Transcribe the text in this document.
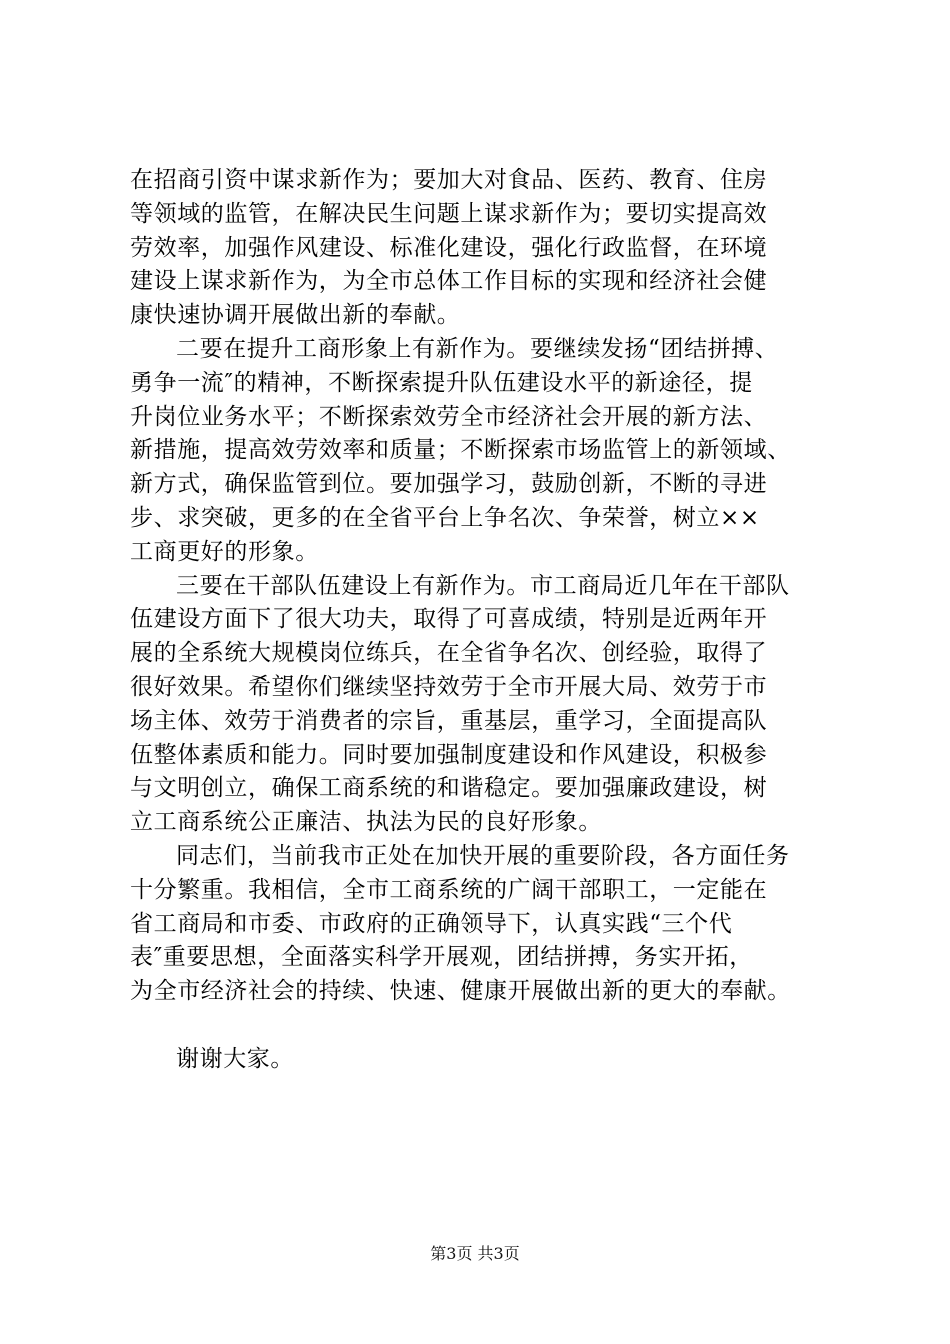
在招商引资中谋求新作为；要加大对食品、医药、教育、住房
等领域的监管，在解决民生问题上谋求新作为；要切实提高效
劳效率，加强作风建设、标准化建设，强化行政监督，在环境
建设上谋求新作为，为全市总体工作目标的实现和经济社会健
康快速协调开展做出新的奉献。
二要在提升工商形象上有新作为。要继续发扬“团结拼搏、
勇争一流″的精神，不断探索提升队伍建设水平的新途径，提
升岗位业务水平；不断探索效劳全市经济社会开展的新方法、
新措施，提高效劳效率和质量；不断探索市场监管上的新领域、
新方式，确保监管到位。要加强学习，鼓励创新，不断的寻进
步、求突破，更多的在全省平台上争名次、争荣誉，树立××
工商更好的形象。
三要在干部队伍建设上有新作为。市工商局近几年在干部队
伍建设方面下了很大功夫，取得了可喜成绩，特别是近两年开
展的全系统大规模岗位练兵，在全省争名次、创经验，取得了
很好效果。希望你们继续坚持效劳于全市开展大局、效劳于市
场主体、效劳于消费者的宗旨，重基层，重学习，全面提高队
伍整体素质和能力。同时要加强制度建设和作风建设，积极参
与文明创立，确保工商系统的和谐稳定。要加强廉政建设，树
立工商系统公正廉洁、执法为民的良好形象。
同志们，当前我市正处在加快开展的重要阶段，各方面任务
十分繁重。我相信，全市工商系统的广阔干部职工，一定能在
省工商局和市委、市政府的正确领导下，认真实践“三个代
表″重要思想，全面落实科学开展观，团结拼搏，务实开拓，
为全市经济社会的持续、快速、健康开展做出新的更大的奉献。
谢谢大家。
第3页 共3页
